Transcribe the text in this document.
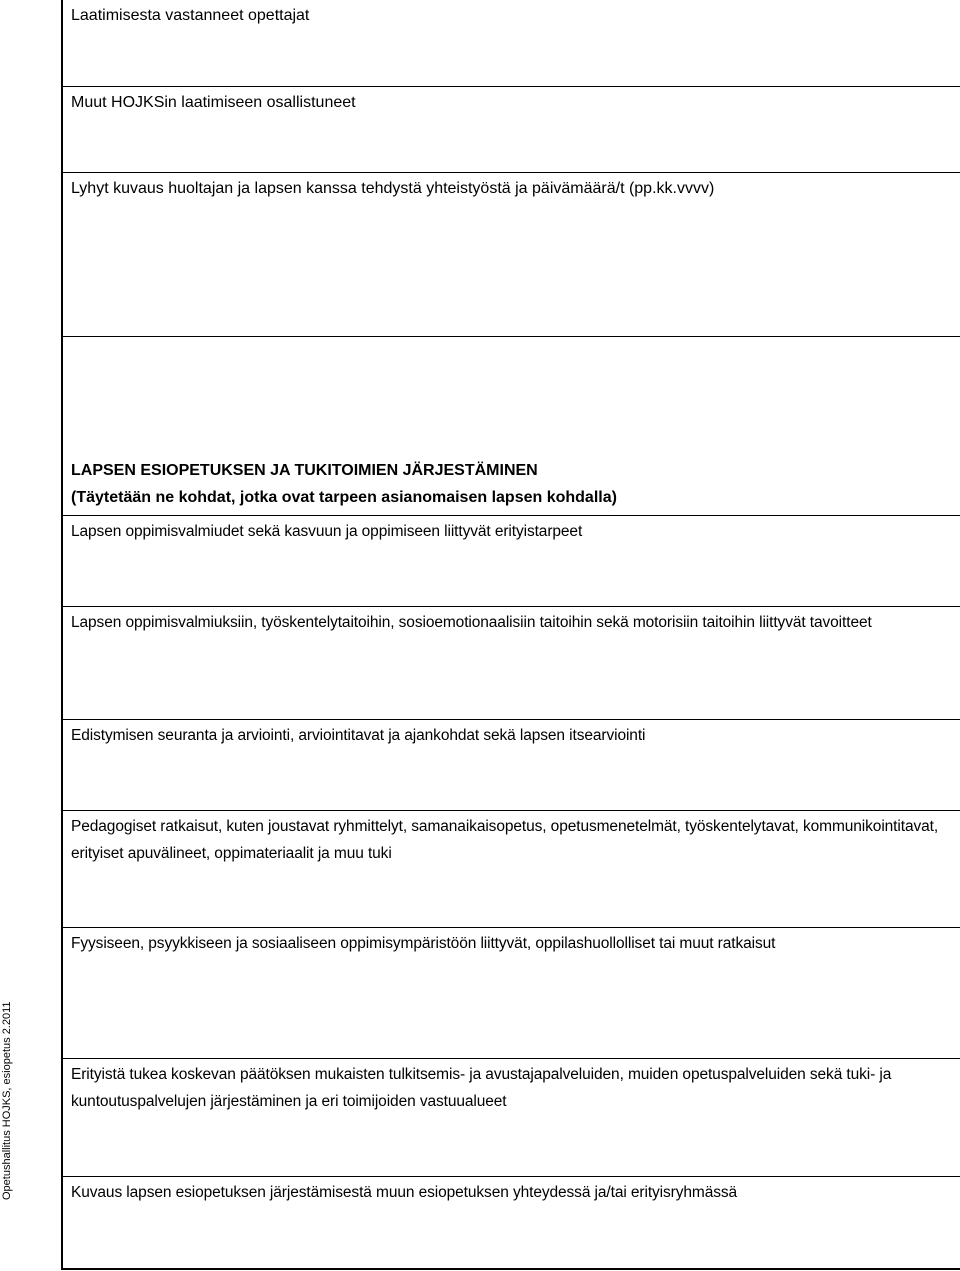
Opetushallitus HOJKS, esiopetus 2.2011
Laatimisesta vastanneet opettajat
Muut HOJKSin laatimiseen osallistuneet
Lyhyt kuvaus huoltajan ja lapsen kanssa tehdystä yhteistyöstä ja päivämäärä/t (pp.kk.vvvv)
LAPSEN ESIOPETUKSEN JA TUKITOIMIEN JÄRJESTÄMINEN
(Täytetään ne kohdat, jotka ovat tarpeen asianomaisen lapsen kohdalla)
Lapsen oppimisvalmiudet sekä kasvuun ja oppimiseen liittyvät erityistarpeet
Lapsen oppimisvalmiuksiin, työskentelytaitoihin, sosioemotionaalisiin taitoihin sekä motorisiin taitoihin liittyvät tavoitteet
Edistymisen seuranta ja arviointi, arviointitavat ja ajankohdat sekä lapsen itsearviointi
Pedagogiset ratkaisut, kuten joustavat ryhmittelyt, samanaikaisopetus, opetusmenetelmät, työskentelytavat, kommunikointitavat, erityiset apuvälineet, oppimateriaalit ja muu tuki
Fyysiseen, psyykkiseen ja sosiaaliseen oppimisympäristöön liittyvät, oppilashuollolliset tai muut ratkaisut
Erityistä tukea koskevan päätöksen mukaisten tulkitsemis- ja avustajapalveluiden, muiden opetuspalveluiden sekä tuki- ja kuntoutuspalvelujen järjestäminen ja eri toimijoiden vastuualueet
Kuvaus lapsen esiopetuksen järjestämisestä muun esiopetuksen yhteydessä ja/tai erityisryhmässä
